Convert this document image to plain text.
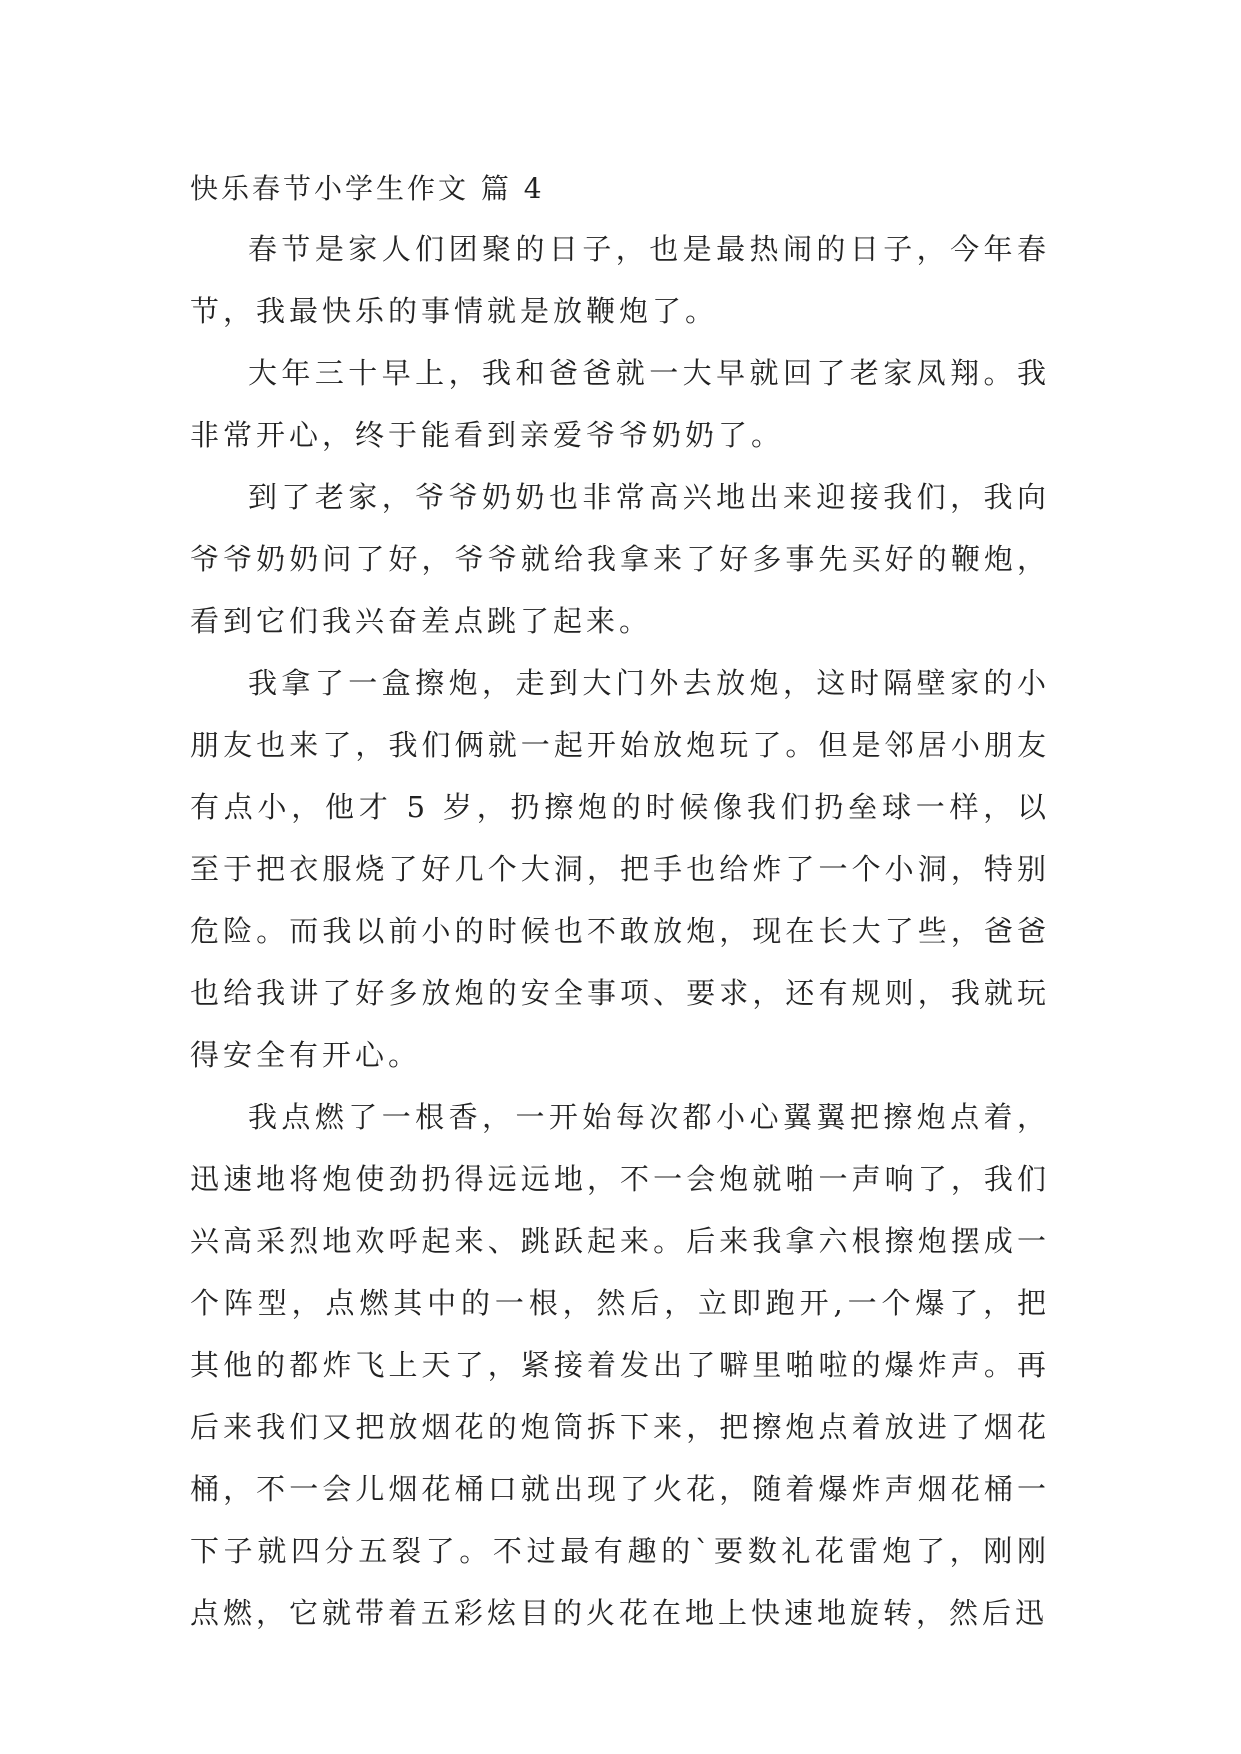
快乐春节小学生作文 篇 4

春节是家人们团聚的日子，也是最热闹的日子，今年春节，我最快乐的事情就是放鞭炮了。

大年三十早上，我和爸爸就一大早就回了老家凤翔。我非常开心，终于能看到亲爱爷爷奶奶了。

到了老家，爷爷奶奶也非常高兴地出来迎接我们，我向爷爷奶奶问了好，爷爷就给我拿来了好多事先买好的鞭炮，看到它们我兴奋差点跳了起来。

我拿了一盒擦炮，走到大门外去放炮，这时隔壁家的小朋友也来了，我们俩就一起开始放炮玩了。但是邻居小朋友有点小，他才 5 岁，扔擦炮的时候像我们扔垒球一样，以至于把衣服烧了好几个大洞，把手也给炸了一个小洞，特别危险。而我以前小的时候也不敢放炮，现在长大了些，爸爸也给我讲了好多放炮的安全事项、要求，还有规则，我就玩得安全有开心。

我点燃了一根香，一开始每次都小心翼翼把擦炮点着，迅速地将炮使劲扔得远远地，不一会炮就啪一声响了，我们兴高采烈地欢呼起来、跳跃起来。后来我拿六根擦炮摆成一个阵型，点燃其中的一根，然后，立即跑开,一个爆了，把其他的都炸飞上天了，紧接着发出了噼里啪啦的爆炸声。再后来我们又把放烟花的炮筒拆下来，把擦炮点着放进了烟花桶，不一会儿烟花桶口就出现了火花，随着爆炸声烟花桶一下子就四分五裂了。不过最有趣的`要数礼花雷炮了，刚刚点燃，它就带着五彩炫目的火花在地上快速地旋转，然后迅
